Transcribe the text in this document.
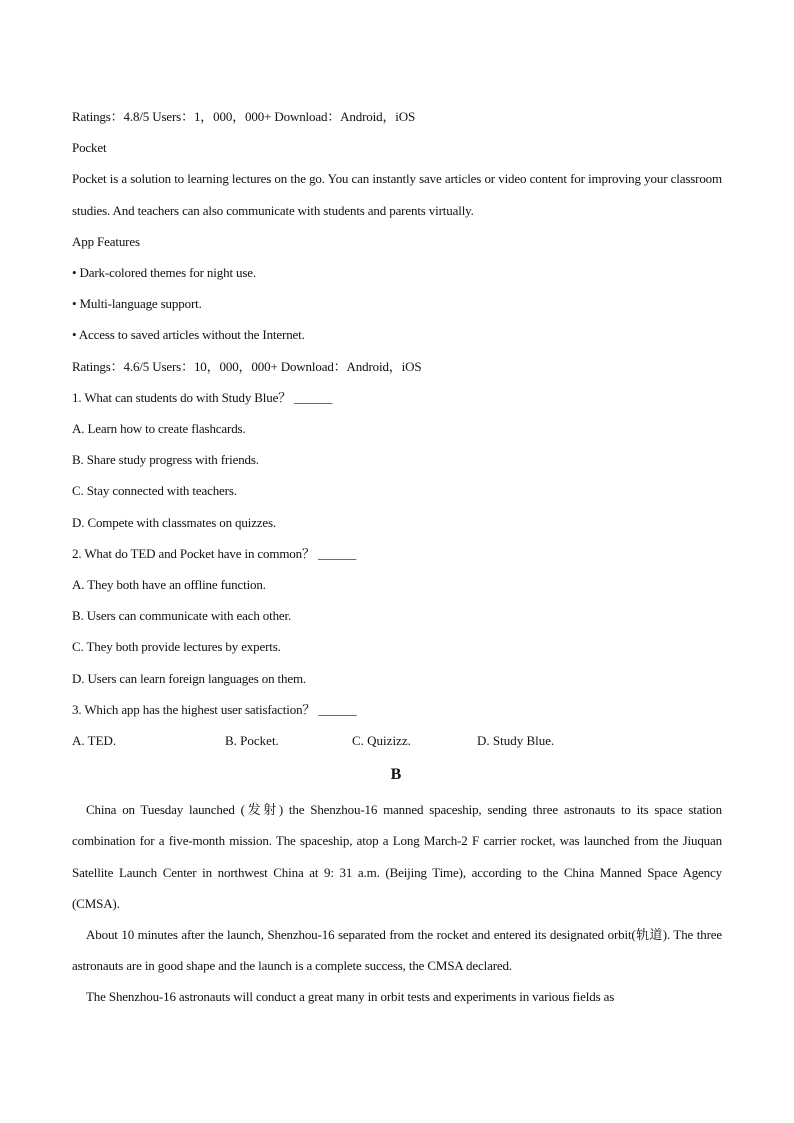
Ratings：4.8/5 Users：1，000，000+ Download：Android，iOS
Pocket
Pocket is a solution to learning lectures on the go. You can instantly save articles or video content for improving your classroom studies. And teachers can also communicate with students and parents virtually.
App Features
• Dark-colored themes for night use.
• Multi-language support.
• Access to saved articles without the Internet.
Ratings：4.6/5 Users：10，000，000+ Download：Android，iOS
1. What can students do with Study Blue？ ______
A. Learn how to create flashcards.
B. Share study progress with friends.
C. Stay connected with teachers.
D. Compete with classmates on quizzes.
2. What do TED and Pocket have in common？ ______
A. They both have an offline function.
B. Users can communicate with each other.
C. They both provide lectures by experts.
D. Users can learn foreign languages on them.
3. Which app has the highest user satisfaction？ ______
A. TED.	B. Pocket.	C. Quizizz.	D. Study Blue.
B
China on Tuesday launched (发射) the Shenzhou-16 manned spaceship, sending three astronauts to its space station combination for a five-month mission. The spaceship, atop a Long March-2 F carrier rocket, was launched from the Jiuquan Satellite Launch Center in northwest China at 9: 31 a.m. (Beijing Time), according to the China Manned Space Agency (CMSA).
About 10 minutes after the launch, Shenzhou-16 separated from the rocket and entered its designated orbit(轨道). The three astronauts are in good shape and the launch is a complete success, the CMSA declared.
The Shenzhou-16 astronauts will conduct a great many in orbit tests and experiments in various fields as
